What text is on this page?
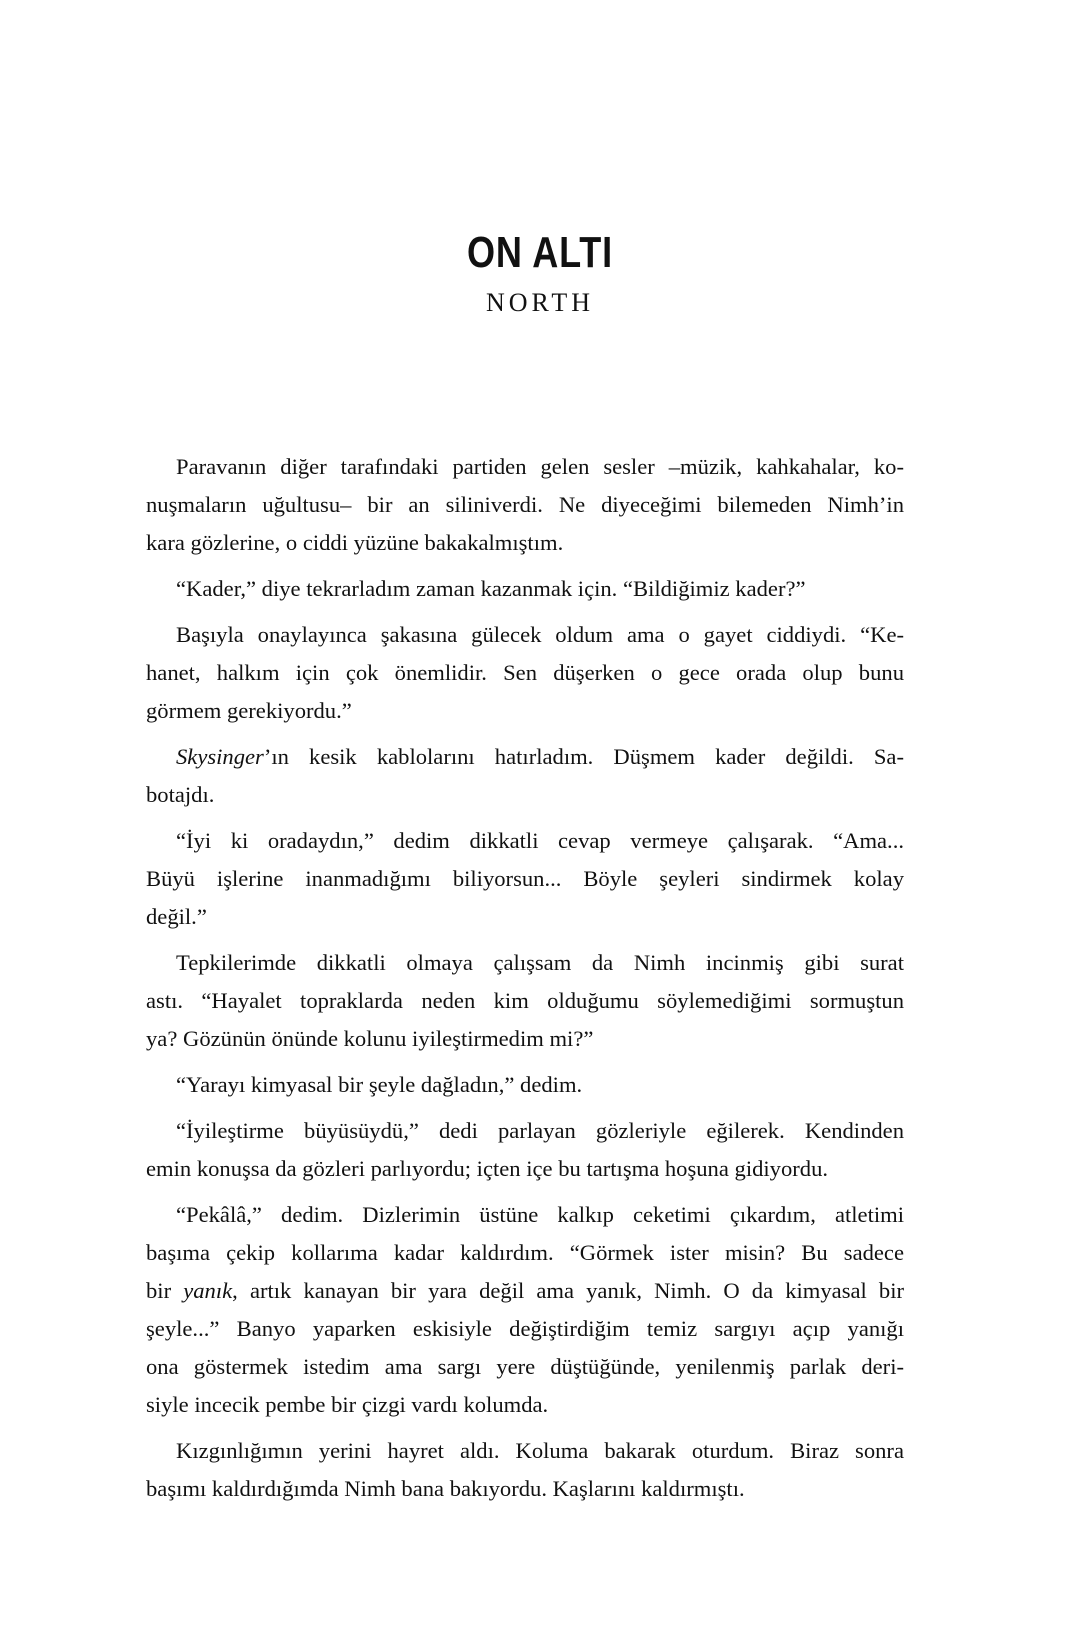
ON ALTI
NORTH
Paravanın diğer tarafındaki partiden gelen sesler –müzik, kahkahalar, ko-
nuşmaların uğultusu– bir an siliniverdi. Ne diyeceğimi bilemeden Nimh’in
kara gözlerine, o ciddi yüzüne bakakalmıştım.
“Kader,” diye tekrarladım zaman kazanmak için. “Bildiğimiz kader?”
Başıyla onaylayınca şakasına gülecek oldum ama o gayet ciddiydi. “Ke-
hanet, halkım için çok önemlidir. Sen düşerken o gece orada olup bunu
görmem gerekiyordu.”
Skysinger’ın kesik kablolarını hatırladım. Düşmem kader değildi. Sa-
botajdı.
“İyi ki oradaydın,” dedim dikkatli cevap vermeye çalışarak. “Ama...
Büyü işlerine inanmadığımı biliyorsun... Böyle şeyleri sindirmek kolay
değil.”
Tepkilerimde dikkatli olmaya çalışsam da Nimh incinmiş gibi surat
astı. “Hayalet topraklarda neden kim olduğumu söylemediğimi sormuştun
ya? Gözünün önünde kolunu iyileştirmedim mi?”
“Yarayı kimyasal bir şeyle dağladın,” dedim.
“İyileştirme büyüsüydü,” dedi parlayan gözleriyle eğilerek. Kendinden
emin konuşsa da gözleri parlıyordu; içten içe bu tartışma hoşuna gidiyordu.
“Pekâlâ,” dedim. Dizlerimin üstüne kalkıp ceketimi çıkardım, atletimi
başıma çekip kollarıma kadar kaldırdım. “Görmek ister misin? Bu sadece
bir yanık, artık kanayan bir yara değil ama yanık, Nimh. O da kimyasal bir
şeyle...” Banyo yaparken eskisiyle değiştirdiğim temiz sargıyı açıp yanığı
ona göstermek istedim ama sargı yere düştüğünde, yenilenmiş parlak deri-
siyle incecik pembe bir çizgi vardı kolumda.
Kızgınlığımın yerini hayret aldı. Koluma bakarak oturdum. Biraz sonra
başımı kaldırdığımda Nimh bana bakıyordu. Kaşlarını kaldırmıştı.
